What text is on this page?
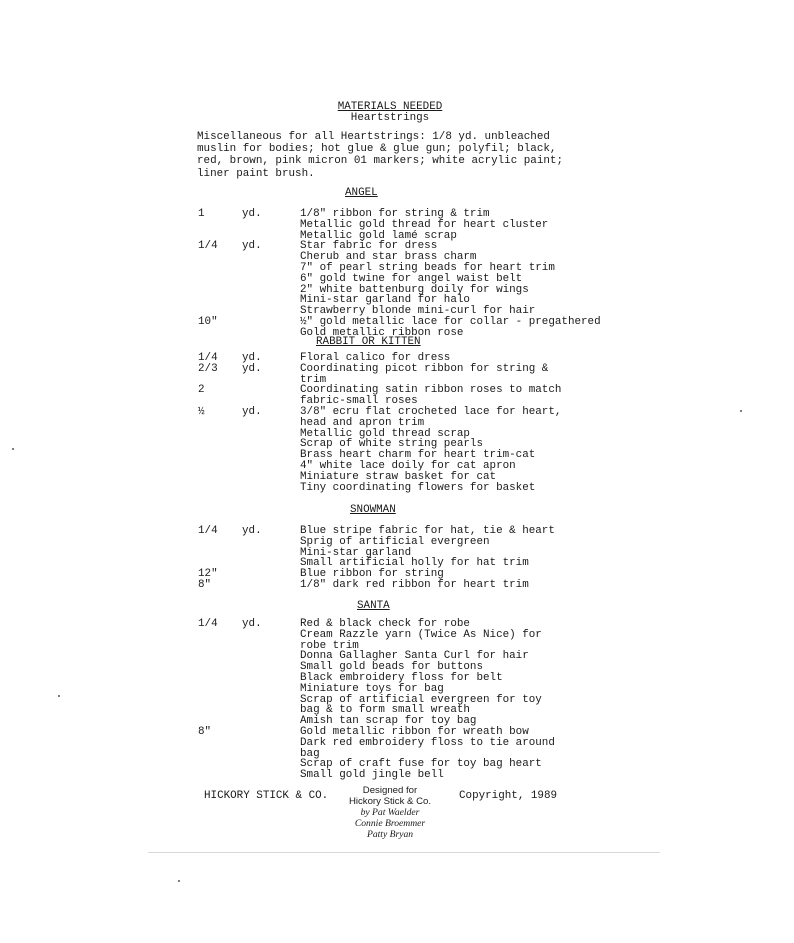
MATERIALS NEEDED
Heartstrings
Miscellaneous for all Heartstrings: 1/8 yd. unbleached
muslin for bodies; hot glue & glue gun; polyfil; black,
red, brown, pink micron 01 markers; white acrylic paint;
liner paint brush.
ANGEL
1	yd.	1/8" ribbon for string & trim
Metallic gold thread for heart cluster
Metallic gold lamé scrap
1/4 yd.	Star fabric for dress
Cherub and star brass charm
7" of pearl string beads for heart trim
6" gold twine for angel waist belt
2" white battenburg doily for wings
Mini-star garland for halo
Strawberry blonde mini-curl for hair
10"	½" gold metallic lace for collar - pregathered
Gold metallic ribbon rose
RABBIT OR KITTEN
1/4 yd.	Floral calico for dress
2/3 yd.	Coordinating picot ribbon for string &
trim
2	Coordinating satin ribbon roses to match
fabric-small roses
½	yd.	3/8" ecru flat crocheted lace for heart,
head and apron trim
Metallic gold thread scrap
Scrap of white string pearls
Brass heart charm for heart trim-cat
4" white lace doily for cat apron
Miniature straw basket for cat
Tiny coordinating flowers for basket
SNOWMAN
1/4 yd.	Blue stripe fabric for hat, tie & heart
Sprig of artificial evergreen
Mini-star garland
Small artificial holly for hat trim
12"	Blue ribbon for string
8"	1/8" dark red ribbon for heart trim
SANTA
1/4 yd.	Red & black check for robe
Cream Razzle yarn (Twice As Nice) for
robe trim
Donna Gallagher Santa Curl for hair
Small gold beads for buttons
Black embroidery floss for belt
Miniature toys for bag
Scrap of artificial evergreen for toy
bag & to form small wreath
Amish tan scrap for toy bag
8"	Gold metallic ribbon for wreath bow
Dark red embroidery floss to tie around
bag
Scrap of craft fuse for toy bag heart
Small gold jingle bell
HICKORY STICK & CO.	Designed for
Hickory Stick & Co.
by Pat Waelder
Connie Broemmer
Patty Bryan
Copyright, 1989
